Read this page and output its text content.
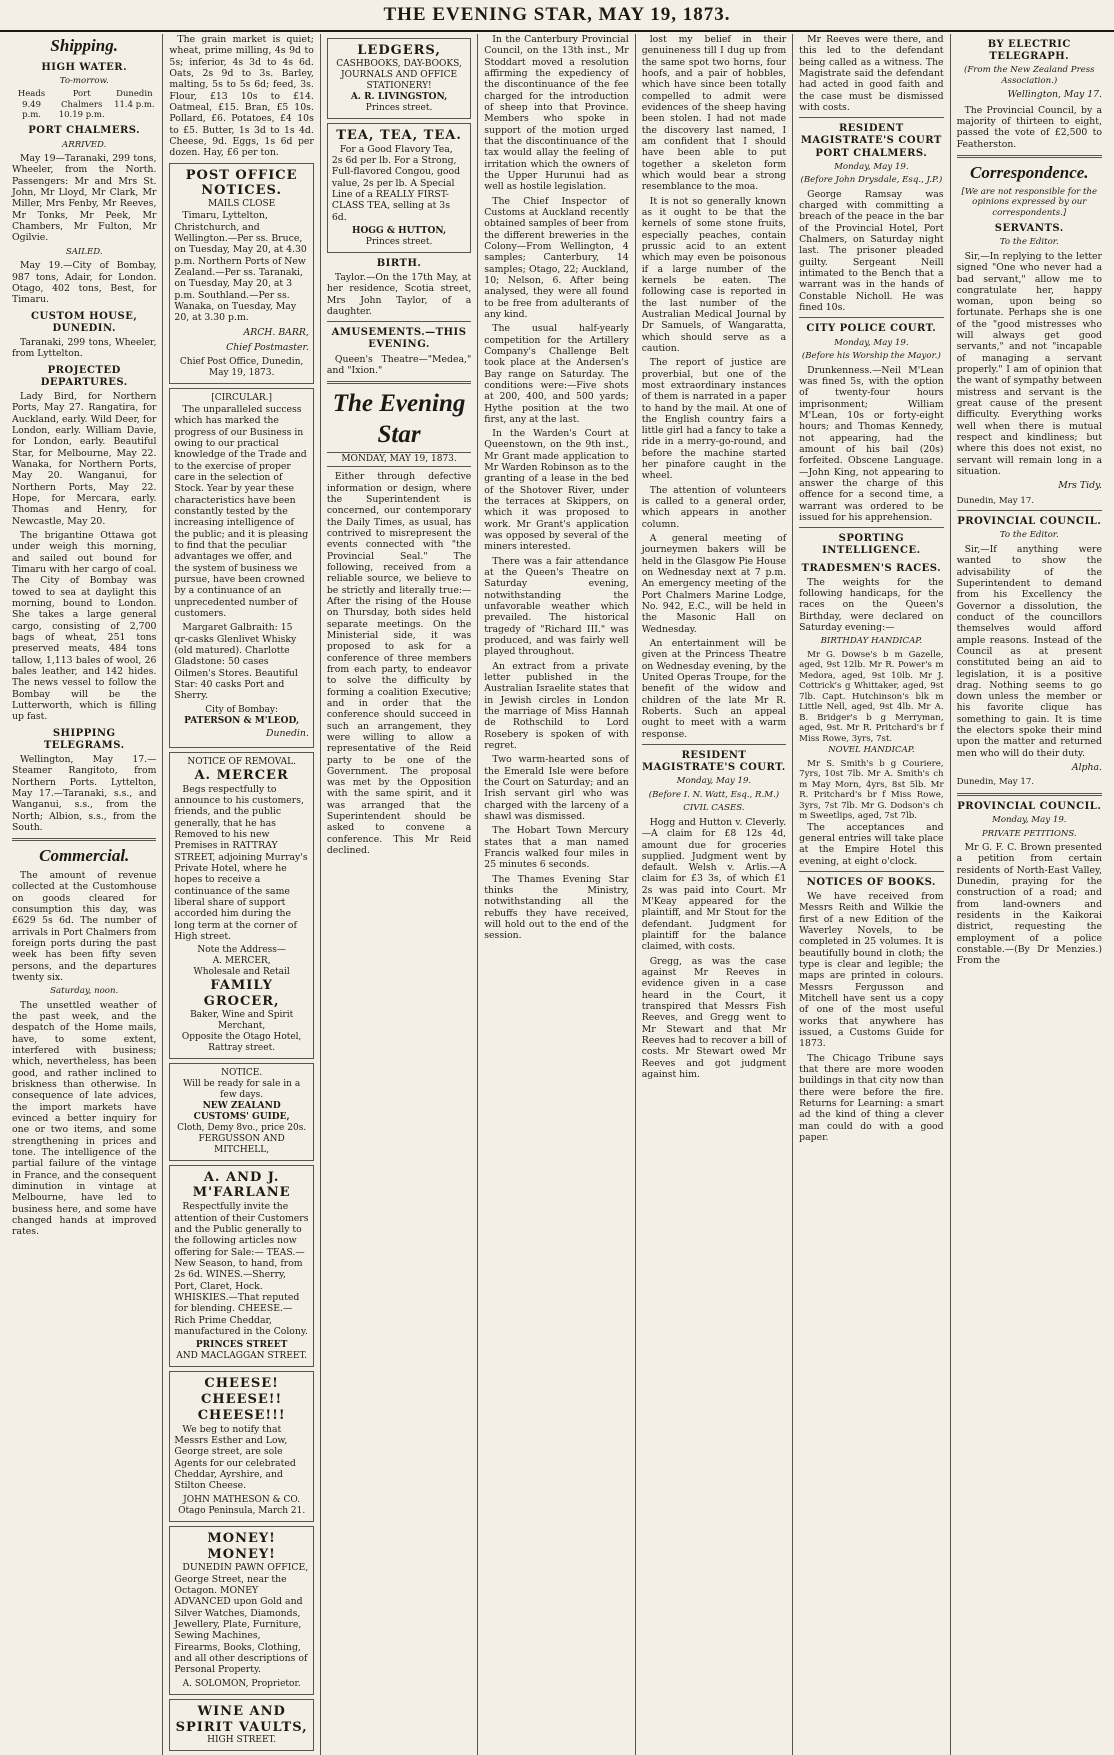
THE EVENING STAR, MAY 19, 1873.
Shipping.
HIGH WATER.
To-morrow.
Heads 9.49 p.m.
Port Chalmers 10.19 p.m.
Dunedin 11.4 p.m.
PORT CHALMERS.
ARRIVED.

May 19—Taranaki, 299 tons, Wheeler, from the North. Passengers: Mr and Mrs St. John, Mr Lloyd, Mr Clark, Mr Miller, Mrs Fenby, Mr Reeves, Mr Tonks, Mr Peek, Mr Chambers, Mr Fulton, Mr Ogilvie.

SAILED.

May 19.—City of Bombay, 987 tons, Adair, for London. Otago, 402 tons, Best, for Timaru.

CUSTOM HOUSE, DUNEDIN.

Taranaki, 299 tons, Wheeler, from Lyttelton.

PROJECTED DEPARTURES.

Lady Bird, for Northern Ports, May 27. Rangatira, for Auckland, early. Wild Deer, for London, early. William Davie, for London, early. Beautiful Star, for Melbourne, May 22. Wanaka, for Northern Ports, May 20. Wanganui, for Northern Ports, May 22. Hope, for Mercara, early. Thomas and Henry, for Newcastle, May 20.

The brigantine Ottawa got under weigh this morning, and sailed out bound for Timaru with her cargo of coal. The City of Bombay was towed to sea at daylight this morning, bound to London. She takes a large general cargo, consisting of 2,700 bags of wheat, 251 tons preserved meats, 484 tons tallow, 1,113 bales of wool, 26 bales leather, and 142 hides. The news vessel to follow the Bombay will be the Lutterworth, which is filling up fast.

SHIPPING TELEGRAMS.

Wellington, May 17.—Steamer Rangitoto, from Northern Ports. Lyttelton, May 17.—Taranaki, s.s., and Wanganui, s.s., from the North; Albion, s.s., from the South.

Commercial.

The amount of revenue collected at the Customhouse on goods cleared for consumption this day, was £629 5s 6d. The number of arrivals in Port Chalmers from foreign ports during the past week has been fifty seven persons, and the departures twenty six.

Saturday, noon.

The unsettled weather of the past week, and the despatch of the Home mails, have, to some extent, interfered with business; which, nevertheless, has been good, and rather inclined to briskness than otherwise. In consequence of late advices, the import markets have evinced a better inquiry for one or two items, and some strengthening in prices and tone. The intelligence of the partial failure of the vintage in France, and the consequent diminution in vintage at Melbourne, have led to business here, and some have changed hands at improved rates.

The grain market is quiet; wheat, prime milling, 4s 9d to 5s; inferior, 4s 3d to 4s 6d. Oats, 2s 9d to 3s. Barley, malting, 5s to 5s 6d; feed, 3s. Flour, £13 10s to £14. Oatmeal, £15. Bran, £5 10s. Pollard, £6. Potatoes, £4 10s to £5. Butter, 1s 3d to 1s 4d. Cheese, 9d. Eggs, 1s 6d per dozen. Hay, £6 per ton.

POST OFFICE NOTICES.
MAILS CLOSE

Timaru, Lyttelton, Christchurch, and Wellington.—Per ss. Bruce, on Tuesday, May 20, at 4.30 p.m. Northern Ports of New Zealand.—Per ss. Taranaki, on Tuesday, May 20, at 3 p.m. Southland.—Per ss. Wanaka, on Tuesday, May 20, at 3.30 p.m.

ARCH. BARR,
Chief Postmaster.
Chief Post Office, Dunedin, May 19, 1873.
[CIRCULAR.]

The unparalleled success which has marked the progress of our Business in owing to our practical knowledge of the Trade and to the exercise of proper care in the selection of Stock. Year by year these characteristics have been constantly tested by the increasing intelligence of the public; and it is pleasing to find that the peculiar advantages we offer, and the system of business we pursue, have been crowned by a continuance of an unprecedented number of customers.

Margaret Galbraith: 15 qr-casks Glenlivet Whisky (old matured). Charlotte Gladstone: 50 cases Oilmen's Stores. Beautiful Star: 40 casks Port and Sherry.

City of Bombay:
PATERSON & M'LEOD,
Dunedin.
NOTICE OF REMOVAL.
A. MERCER

Begs respectfully to announce to his customers, friends, and the public generally, that he has Removed to his new Premises in RATTRAY STREET, adjoining Murray's Private Hotel, where he hopes to receive a continuance of the same liberal share of support accorded him during the long term at the corner of High street.

Note the Address—
A. MERCER,
Wholesale and Retail
FAMILY GROCER,
Baker, Wine and Spirit Merchant,
Opposite the Otago Hotel, Rattray street.
NOTICE.
Will be ready for sale in a few days.
NEW ZEALAND CUSTOMS' GUIDE,
Cloth, Demy 8vo., price 20s.
FERGUSSON AND MITCHELL,
A. AND J. M'FARLANE

Respectfully invite the attention of their Customers and the Public generally to the following articles now offering for Sale:— TEAS.—New Season, to hand, from 2s 6d. WINES.—Sherry, Port, Claret, Hock. WHISKIES.—That reputed for blending. CHEESE.—Rich Prime Cheddar, manufactured in the Colony.

PRINCES STREET
AND MACLAGGAN STREET.
CHEESE! CHEESE!! CHEESE!!!

We beg to notify that Messrs Esther and Low, George street, are sole Agents for our celebrated Cheddar, Ayrshire, and Stilton Cheese.

JOHN MATHESON & CO. Otago Peninsula, March 21.
MONEY! MONEY!

DUNEDIN PAWN OFFICE, George Street, near the Octagon. MONEY ADVANCED upon Gold and Silver Watches, Diamonds, Jewellery, Plate, Furniture, Sewing Machines, Firearms, Books, Clothing, and all other descriptions of Personal Property.

A. SOLOMON, Proprietor.
WINE AND SPIRIT VAULTS,
HIGH STREET.
LEDGERS,
CASHBOOKS, DAY-BOOKS, JOURNALS AND OFFICE STATIONERY!
A. R. LIVINGSTON,
Princes street.
TEA, TEA, TEA.

For a Good Flavory Tea, 2s 6d per lb. For a Strong, Full-flavored Congou, good value, 2s per lb. A Special Line of a REALLY FIRST-CLASS TEA, selling at 3s 6d.

HOGG & HUTTON,
Princes street.
BIRTH.

Taylor.—On the 17th May, at her residence, Scotia street, Mrs John Taylor, of a daughter.

AMUSEMENTS.—THIS EVENING.

Queen's Theatre—"Medea," and "Ixion."

The Evening Star
MONDAY, MAY 19, 1873.

Either through defective information or design, where the Superintendent is concerned, our contemporary the Daily Times, as usual, has contrived to misrepresent the events connected with "the Provincial Seal." The following, received from a reliable source, we believe to be strictly and literally true:—After the rising of the House on Thursday, both sides held separate meetings. On the Ministerial side, it was proposed to ask for a conference of three members from each party, to endeavor to solve the difficulty by forming a coalition Executive; and in order that the conference should succeed in such an arrangement, they were willing to allow a representative of the Reid party to be one of the Government. The proposal was met by the Opposition with the same spirit, and it was arranged that the Superintendent should be asked to convene a conference. This Mr Reid declined.

In the Canterbury Provincial Council, on the 13th inst., Mr Stoddart moved a resolution affirming the expediency of the discontinuance of the fee charged for the introduction of sheep into that Province. Members who spoke in support of the motion urged that the discontinuance of the tax would allay the feeling of irritation which the owners of the Upper Hurunui had as well as hostile legislation.

The Chief Inspector of Customs at Auckland recently obtained samples of beer from the different breweries in the Colony—From Wellington, 4 samples; Canterbury, 14 samples; Otago, 22; Auckland, 10; Nelson, 6. After being analysed, they were all found to be free from adulterants of any kind.

The usual half-yearly competition for the Artillery Company's Challenge Belt took place at the Andersen's Bay range on Saturday. The conditions were:—Five shots at 200, 400, and 500 yards; Hythe position at the two first, any at the last.

In the Warden's Court at Queenstown, on the 9th inst., Mr Grant made application to Mr Warden Robinson as to the granting of a lease in the bed of the Shotover River, under the terraces at Skippers, on which it was proposed to work. Mr Grant's application was opposed by several of the miners interested.

There was a fair attendance at the Queen's Theatre on Saturday evening, notwithstanding the unfavorable weather which prevailed. The historical tragedy of "Richard III." was produced, and was fairly well played throughout.

An extract from a private letter published in the Australian Israelite states that in Jewish circles in London the marriage of Miss Hannah de Rothschild to Lord Rosebery is spoken of with regret.

Two warm-hearted sons of the Emerald Isle were before the Court on Saturday; and an Irish servant girl who was charged with the larceny of a shawl was dismissed.

The Hobart Town Mercury states that a man named Francis walked four miles in 25 minutes 6 seconds.

The Thames Evening Star thinks the Ministry, notwithstanding all the rebuffs they have received, will hold out to the end of the session.

lost my belief in their genuineness till I dug up from the same spot two horns, four hoofs, and a pair of hobbles, which have since been totally compelled to admit were evidences of the sheep having been stolen. I had not made the discovery last named, I am confident that I should have been able to put together a skeleton form which would bear a strong resemblance to the moa.

It is not so generally known as it ought to be that the kernels of some stone fruits, especially peaches, contain prussic acid to an extent which may even be poisonous if a large number of the kernels be eaten. The following case is reported in the last number of the Australian Medical Journal by Dr Samuels, of Wangaratta, which should serve as a caution.

The report of justice are proverbial, but one of the most extraordinary instances of them is narrated in a paper to hand by the mail. At one of the English country fairs a little girl had a fancy to take a ride in a merry-go-round, and before the machine started her pinafore caught in the wheel.

The attention of volunteers is called to a general order, which appears in another column.

A general meeting of journeymen bakers will be held in the Glasgow Pie House on Wednesday next at 7 p.m. An emergency meeting of the Port Chalmers Marine Lodge, No. 942, E.C., will be held in the Masonic Hall on Wednesday.

An entertainment will be given at the Princess Theatre on Wednesday evening, by the United Operas Troupe, for the benefit of the widow and children of the late Mr R. Roberts. Such an appeal ought to meet with a warm response.

RESIDENT MAGISTRATE'S COURT.
Monday, May 19.
(Before I. N. Watt, Esq., R.M.)
CIVIL CASES.

Hogg and Hutton v. Cleverly.—A claim for £8 12s 4d, amount due for groceries supplied. Judgment went by default. Welsh v. Arlis.—A claim for £3 3s, of which £1 2s was paid into Court. Mr M'Keay appeared for the plaintiff, and Mr Stout for the defendant. Judgment for plaintiff for the balance claimed, with costs.

Gregg, as was the case against Mr Reeves in evidence given in a case heard in the Court, it transpired that Messrs Fish Reeves, and Gregg went to Mr Stewart and that Mr Reeves had to recover a bill of costs. Mr Stewart owed Mr Reeves and got judgment against him.

Mr Reeves were there, and this led to the defendant being called as a witness. The Magistrate said the defendant had acted in good faith and the case must be dismissed with costs.

RESIDENT MAGISTRATE'S COURT PORT CHALMERS.
Monday, May 19.
(Before John Drysdale, Esq., J.P.)

George Ramsay was charged with committing a breach of the peace in the bar of the Provincial Hotel, Port Chalmers, on Saturday night last. The prisoner pleaded guilty. Sergeant Neill intimated to the Bench that a warrant was in the hands of Constable Nicholl. He was fined 10s.

CITY POLICE COURT.
Monday, May 19.
(Before his Worship the Mayor.)

Drunkenness.—Neil M'Lean was fined 5s, with the option of twenty-four hours imprisonment; William M'Lean, 10s or forty-eight hours; and Thomas Kennedy, not appearing, had the amount of his bail (20s) forfeited. Obscene Language.—John King, not appearing to answer the charge of this offence for a second time, a warrant was ordered to be issued for his apprehension.

SPORTING INTELLIGENCE.
TRADESMEN'S RACES.

The weights for the following handicaps, for the races on the Queen's Birthday, were declared on Saturday evening:—

BIRTHDAY HANDICAP.

Mr G. Dowse's b m Gazelle, aged, 9st 12lb. Mr R. Power's m Medora, aged, 9st 10lb. Mr J. Cottrick's g Whittaker, aged, 9st 7lb. Capt. Hutchinson's blk m Little Nell, aged, 9st 4lb. Mr A. B. Bridger's b g Merryman, aged, 9st. Mr R. Pritchard's br f Miss Rowe, 3yrs, 7st.

NOVEL HANDICAP.

Mr S. Smith's b g Couriere, 7yrs, 10st 7lb. Mr A. Smith's ch m May Morn, 4yrs, 8st 5lb. Mr R. Pritchard's br f Miss Rowe, 3yrs, 7st 7lb. Mr G. Dodson's ch m Sweetlips, aged, 7st 7lb.

The acceptances and general entries will take place at the Empire Hotel this evening, at eight o'clock.

NOTICES OF BOOKS.

We have received from Messrs Reith and Wilkie the first of a new Edition of the Waverley Novels, to be completed in 25 volumes. It is beautifully bound in cloth; the type is clear and legible; the maps are printed in colours. Messrs Fergusson and Mitchell have sent us a copy of one of the most useful works that anywhere has issued, a Customs Guide for 1873.

The Chicago Tribune says that there are more wooden buildings in that city now than there were before the fire. Returns for Learning: a smart ad the kind of thing a clever man could do with a good paper.

BY ELECTRIC TELEGRAPH.
(From the New Zealand Press Association.)
Wellington, May 17.

The Provincial Council, by a majority of thirteen to eight, passed the vote of £2,500 to Featherston.

Correspondence.
[We are not responsible for the opinions expressed by our correspondents.]
SERVANTS.
To the Editor.

Sir,—In replying to the letter signed "One who never had a bad servant," allow me to congratulate her, happy woman, upon being so fortunate. Perhaps she is one of the "good mistresses who will always get good servants," and not "incapable of managing a servant properly." I am of opinion that the want of sympathy between mistress and servant is the great cause of the present difficulty. Everything works well when there is mutual respect and kindliness; but where this does not exist, no servant will remain long in a situation.

Mrs Tidy.
Dunedin, May 17.
PROVINCIAL COUNCIL.
To the Editor.

Sir,—If anything were wanted to show the advisability of the Superintendent to demand from his Excellency the Governor a dissolution, the conduct of the councillors themselves would afford ample reasons. Instead of the Council as at present constituted being an aid to legislation, it is a positive drag. Nothing seems to go down unless the member or his favorite clique has something to gain. It is time the electors spoke their mind upon the matter and returned men who will do their duty.

Alpha.
Dunedin, May 17.
PROVINCIAL COUNCIL.
Monday, May 19.
PRIVATE PETITIONS.

Mr G. F. C. Brown presented a petition from certain residents of North-East Valley, Dunedin, praying for the construction of a road; and from land-owners and residents in the Kaikorai district, requesting the employment of a police constable.—(By Dr Menzies.) From the
